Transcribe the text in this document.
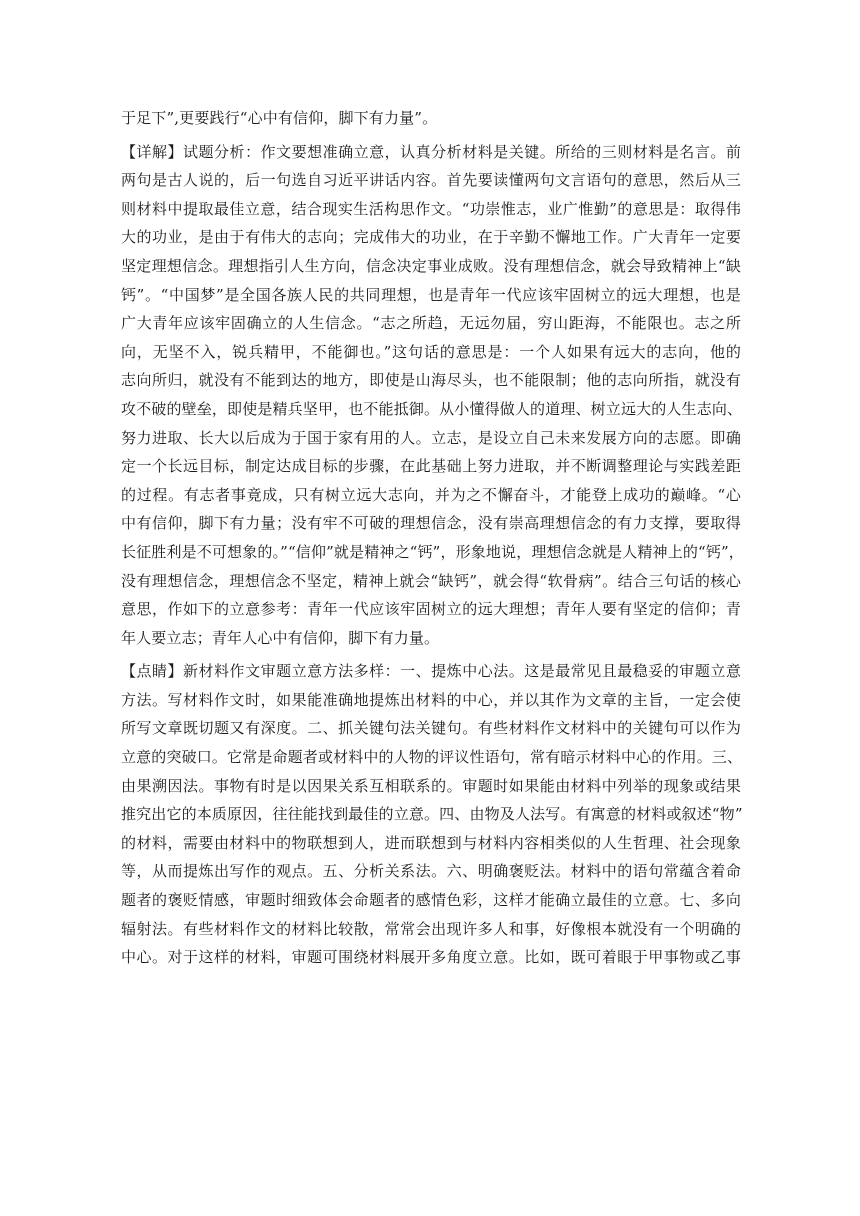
于足下”,更要践行“心中有信仰，脚下有力量”。
【详解】试题分析：作文要想准确立意，认真分析材料是关键。所给的三则材料是名言。前
两句是古人说的，后一句选自习近平讲话内容。首先要读懂两句文言语句的意思，然后从三
则材料中提取最佳立意，结合现实生活构思作文。“功崇惟志，业广惟勤”的意思是：取得伟
大的功业，是由于有伟大的志向；完成伟大的功业，在于辛勤不懈地工作。广大青年一定要
坚定理想信念。理想指引人生方向，信念决定事业成败。没有理想信念，就会导致精神上“缺
钙”。“中国梦”是全国各族人民的共同理想，也是青年一代应该牢固树立的远大理想，也是
广大青年应该牢固确立的人生信念。“志之所趋，无远勿届，穷山距海，不能限也。志之所
向，无坚不入，锐兵精甲，不能御也。”这句话的意思是：一个人如果有远大的志向，他的
志向所归，就没有不能到达的地方，即使是山海尽头，也不能限制；他的志向所指，就没有
攻不破的壁垒，即使是精兵坚甲，也不能抵御。从小懂得做人的道理、树立远大的人生志向、
努力进取、长大以后成为于国于家有用的人。立志，是设立自己未来发展方向的志愿。即确
定一个长远目标，制定达成目标的步骤，在此基础上努力进取，并不断调整理论与实践差距
的过程。有志者事竟成，只有树立远大志向，并为之不懈奋斗，才能登上成功的巅峰。“心
中有信仰，脚下有力量；没有牢不可破的理想信念，没有崇高理想信念的有力支撑，要取得
长征胜利是不可想象的。”“信仰”就是精神之“钙”，形象地说，理想信念就是人精神上的“钙”，
没有理想信念，理想信念不坚定，精神上就会“缺钙”，就会得“软骨病”。结合三句话的核心
意思，作如下的立意参考：青年一代应该牢固树立的远大理想；青年人要有坚定的信仰；青
年人要立志；青年人心中有信仰，脚下有力量。
【点睛】新材料作文审题立意方法多样：一、提炼中心法。这是最常见且最稳妥的审题立意
方法。写材料作文时，如果能准确地提炼出材料的中心，并以其作为文章的主旨，一定会使
所写文章既切题又有深度。二、抓关键句法关键句。有些材料作文材料中的关键句可以作为
立意的突破口。它常是命题者或材料中的人物的评议性语句，常有暗示材料中心的作用。三、
由果溯因法。事物有时是以因果关系互相联系的。审题时如果能由材料中列举的现象或结果
推究出它的本质原因，往往能找到最佳的立意。四、由物及人法写。有寓意的材料或叙述“物”
的材料，需要由材料中的物联想到人，进而联想到与材料内容相类似的人生哲理、社会现象
等，从而提炼出写作的观点。五、分析关系法。六、明确褒贬法。材料中的语句常蕴含着命
题者的褒贬情感，审题时细致体会命题者的感情色彩，这样才能确立最佳的立意。七、多向
辐射法。有些材料作文的材料比较散，常常会出现许多人和事，好像根本就没有一个明确的
中心。对于这样的材料，审题可围绕材料展开多角度立意。比如，既可着眼于甲事物或乙事
